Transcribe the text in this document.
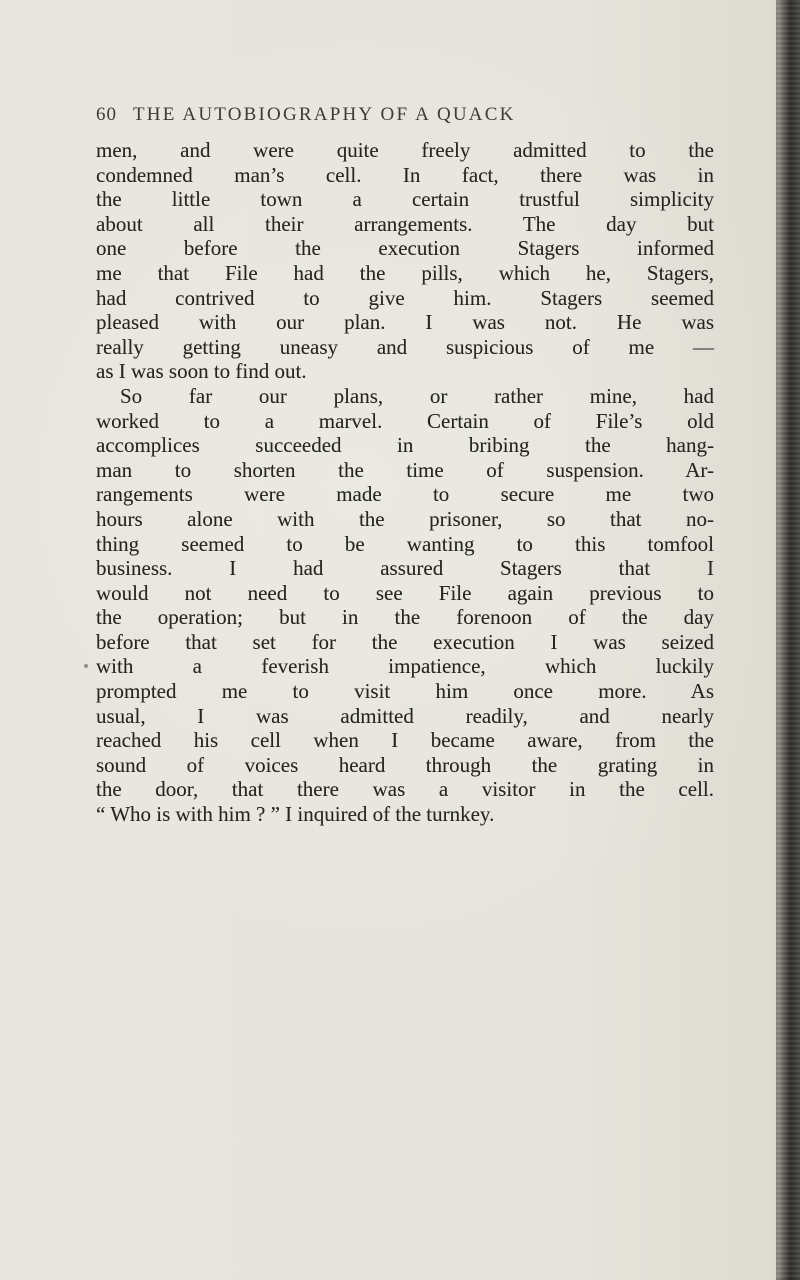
60 THE AUTOBIOGRAPHY OF A QUACK
men, and were quite freely admitted to the
condemned man’s cell. In fact, there was in
the little town a certain trustful simplicity
about all their arrangements. The day but
one before the execution Stagers informed
me that File had the pills, which he, Stagers,
had contrived to give him. Stagers seemed
pleased with our plan. I was not. He was
really getting uneasy and suspicious of me —
as I was soon to find out.
So far our plans, or rather mine, had
worked to a marvel. Certain of File’s old
accomplices succeeded in bribing the hang-
man to shorten the time of suspension. Ar-
rangements were made to secure me two
hours alone with the prisoner, so that no-
thing seemed to be wanting to this tomfool
business. I had assured Stagers that I
would not need to see File again previous to
the operation; but in the forenoon of the day
before that set for the execution I was seized
with a feverish impatience, which luckily
prompted me to visit him once more. As
usual, I was admitted readily, and nearly
reached his cell when I became aware, from the
sound of voices heard through the grating in
the door, that there was a visitor in the cell.
“ Who is with him ? ” I inquired of the turnkey.
